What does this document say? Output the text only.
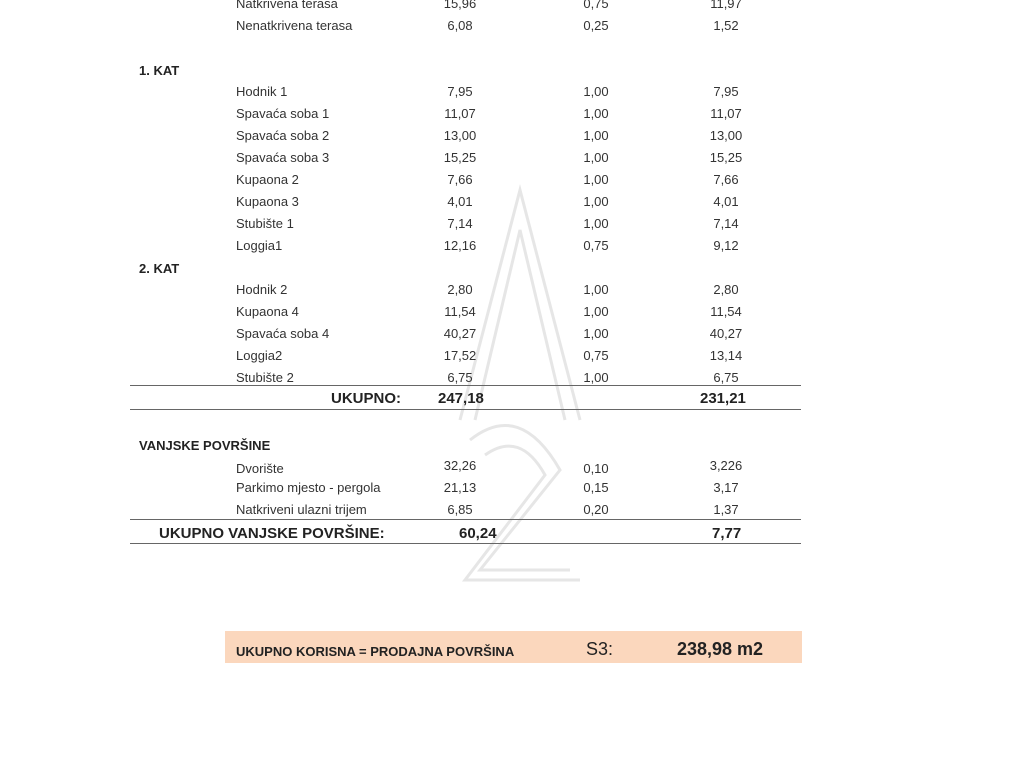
Natkrivena terasa	15,96	0,75	11,97
Nenatkrivena terasa	6,08	0,25	1,52
1. KAT
Hodnik 1	7,95	1,00	7,95
Spavaća soba 1	11,07	1,00	11,07
Spavaća soba 2	13,00	1,00	13,00
Spavaća soba 3	15,25	1,00	15,25
Kupaona 2	7,66	1,00	7,66
Kupaona 3	4,01	1,00	4,01
Stubište 1	7,14	1,00	7,14
Loggia1	12,16	0,75	9,12
2. KAT
Hodnik 2	2,80	1,00	2,80
Kupaona 4	11,54	1,00	11,54
Spavaća soba 4	40,27	1,00	40,27
Loggia2	17,52	0,75	13,14
Stubište 2	6,75	1,00	6,75
UKUPNO: 247,18	231,21
VANJSKE POVRŠINE
Dvorište	32,26	0,10	3,226
Parkimo mjesto - pergola	21,13	0,15	3,17
Natkriveni ulazni trijem	6,85	0,20	1,37
UKUPNO VANJSKE POVRŠINE:	60,24	7,77
UKUPNO KORISNA = PRODAJNA POVRŠINA	S3:	238,98 m2
